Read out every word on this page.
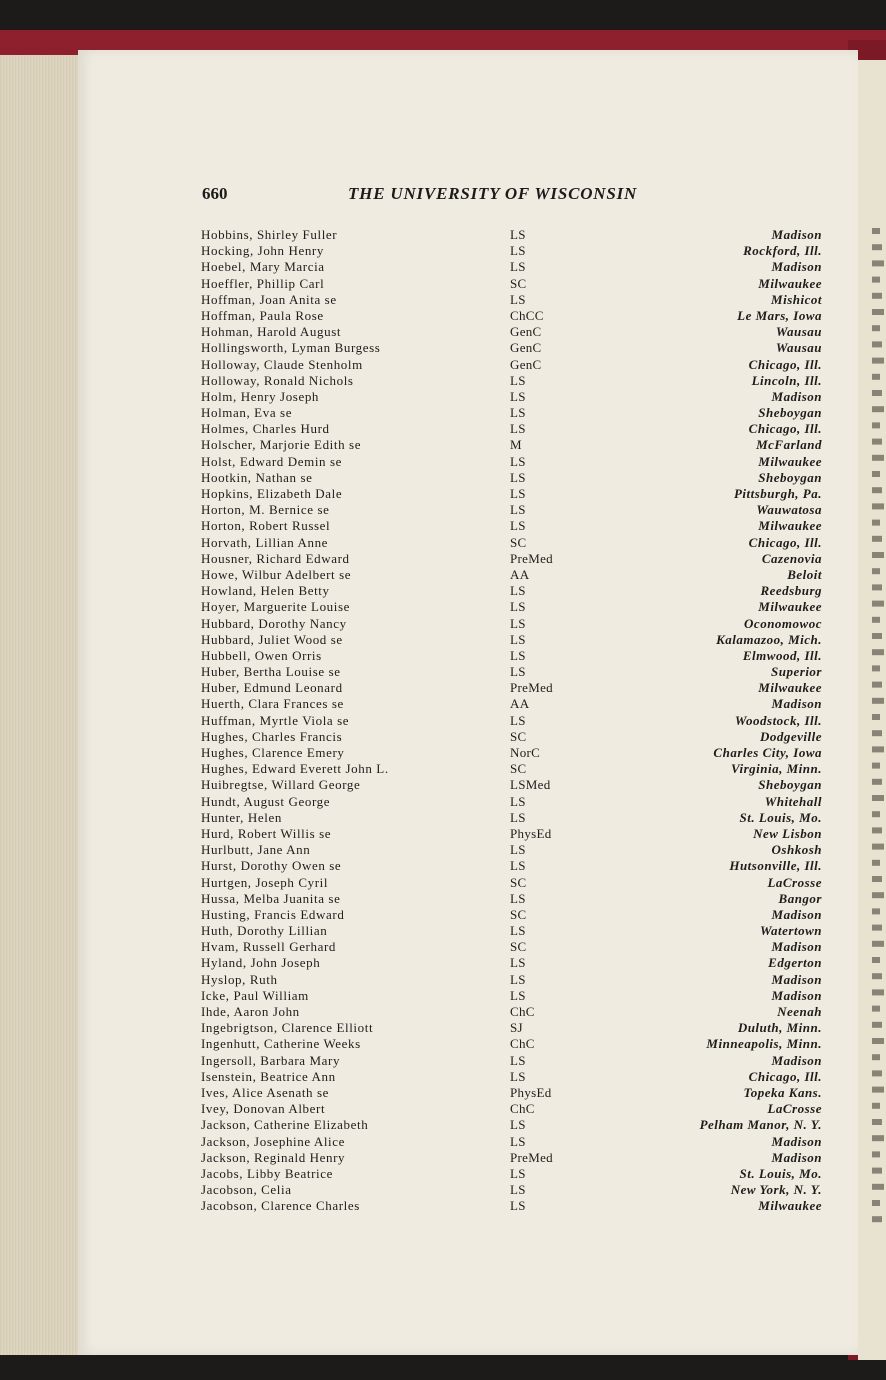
660	THE UNIVERSITY OF WISCONSIN
Hobbins, Shirley Fuller	LS	Madison
Hocking, John Henry	LS	Rockford, Ill.
Hoebel, Mary Marcia	LS	Madison
Hoeffler, Phillip Carl	SC	Milwaukee
Hoffman, Joan Anita se	LS	Mishicot
Hoffman, Paula Rose	ChCC	Le Mars, Iowa
Hohman, Harold August	GenC	Wausau
Hollingsworth, Lyman Burgess	GenC	Wausau
Holloway, Claude Stenholm	GenC	Chicago, Ill.
Holloway, Ronald Nichols	LS	Lincoln, Ill.
Holm, Henry Joseph	LS	Madison
Holman, Eva se	LS	Sheboygan
Holmes, Charles Hurd	LS	Chicago, Ill.
Holscher, Marjorie Edith se	M	McFarland
Holst, Edward Demin se	LS	Milwaukee
Hootkin, Nathan se	LS	Sheboygan
Hopkins, Elizabeth Dale	LS	Pittsburgh, Pa.
Horton, M. Bernice se	LS	Wauwatosa
Horton, Robert Russel	LS	Milwaukee
Horvath, Lillian Anne	SC	Chicago, Ill.
Housner, Richard Edward	PreMed	Cazenovia
Howe, Wilbur Adelbert se	AA	Beloit
Howland, Helen Betty	LS	Reedsburg
Hoyer, Marguerite Louise	LS	Milwaukee
Hubbard, Dorothy Nancy	LS	Oconomowoc
Hubbard, Juliet Wood se	LS	Kalamazoo, Mich.
Hubbell, Owen Orris	LS	Elmwood, Ill.
Huber, Bertha Louise se	LS	Superior
Huber, Edmund Leonard	PreMed	Milwaukee
Huerth, Clara Frances se	AA	Madison
Huffman, Myrtle Viola se	LS	Woodstock, Ill.
Hughes, Charles Francis	SC	Dodgeville
Hughes, Clarence Emery	NorC	Charles City, Iowa
Hughes, Edward Everett John L.	SC	Virginia, Minn.
Huibregtse, Willard George	LSMed	Sheboygan
Hundt, August George	LS	Whitehall
Hunter, Helen	LS	St. Louis, Mo.
Hurd, Robert Willis se	PhysEd	New Lisbon
Hurlbutt, Jane Ann	LS	Oshkosh
Hurst, Dorothy Owen se	LS	Hutsonville, Ill.
Hurtgen, Joseph Cyril	SC	LaCrosse
Hussa, Melba Juanita se	LS	Bangor
Husting, Francis Edward	SC	Madison
Huth, Dorothy Lillian	LS	Watertown
Hvam, Russell Gerhard	SC	Madison
Hyland, John Joseph	LS	Edgerton
Hyslop, Ruth	LS	Madison
Icke, Paul William	LS	Madison
Ihde, Aaron John	ChC	Neenah
Ingebrigtson, Clarence Elliott	SJ	Duluth, Minn.
Ingenhutt, Catherine Weeks	ChC	Minneapolis, Minn.
Ingersoll, Barbara Mary	LS	Madison
Isenstein, Beatrice Ann	LS	Chicago, Ill.
Ives, Alice Asenath se	PhysEd	Topeka Kans.
Ivey, Donovan Albert	ChC	LaCrosse
Jackson, Catherine Elizabeth	LS	Pelham Manor, N. Y.
Jackson, Josephine Alice	LS	Madison
Jackson, Reginald Henry	PreMed	Madison
Jacobs, Libby Beatrice	LS	St. Louis, Mo.
Jacobson, Celia	LS	New York, N. Y.
Jacobson, Clarence Charles	LS	Milwaukee
